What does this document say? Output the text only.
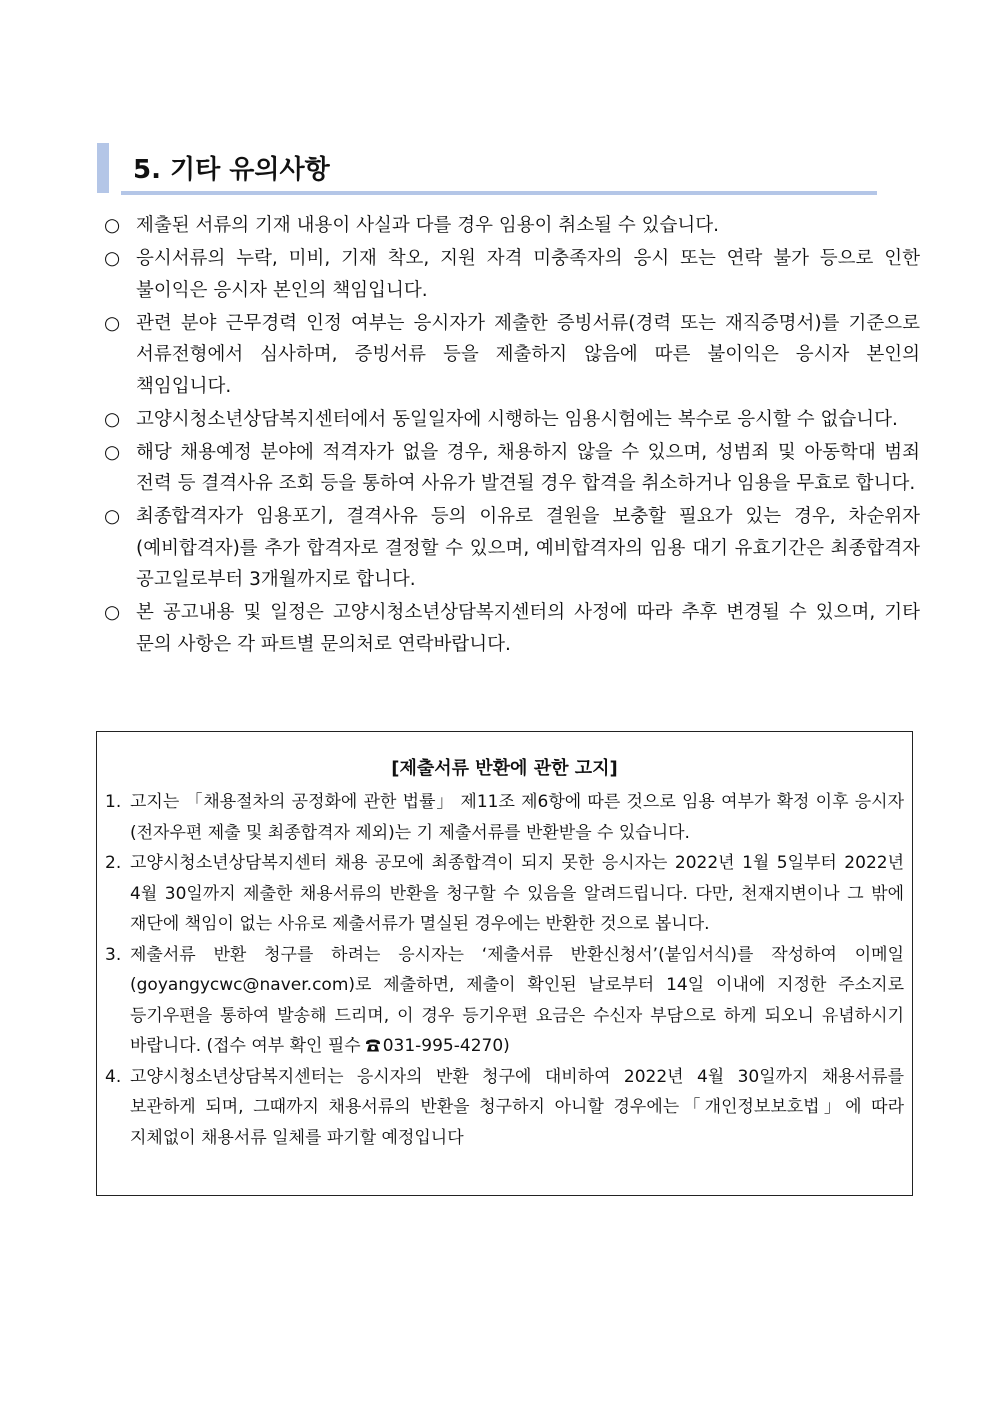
5. 기타 유의사항
○ 제출된 서류의 기재 내용이 사실과 다를 경우 임용이 취소될 수 있습니다.
○ 응시서류의 누락, 미비, 기재 착오, 지원 자격 미충족자의 응시 또는 연락 불가 등으로 인한 불이익은 응시자 본인의 책임입니다.
○ 관련 분야 근무경력 인정 여부는 응시자가 제출한 증빙서류(경력 또는 재직증명서)를 기준으로 서류전형에서 심사하며, 증빙서류 등을 제출하지 않음에 따른 불이익은 응시자 본인의 책임입니다.
○ 고양시청소년상담복지센터에서 동일일자에 시행하는 임용시험에는 복수로 응시할 수 없습니다.
○ 해당 채용예정 분야에 적격자가 없을 경우, 채용하지 않을 수 있으며, 성범죄 및 아동학대 범죄 전력 등 결격사유 조회 등을 통하여 사유가 발견될 경우 합격을 취소하거나 임용을 무효로 합니다.
○ 최종합격자가 임용포기, 결격사유 등의 이유로 결원을 보충할 필요가 있는 경우, 차순위자(예비합격자)를 추가 합격자로 결정할 수 있으며, 예비합격자의 임용 대기 유효기간은 최종합격자 공고일로부터 3개월까지로 합니다.
○ 본 공고내용 및 일정은 고양시청소년상담복지센터의 사정에 따라 추후 변경될 수 있으며, 기타 문의 사항은 각 파트별 문의처로 연락바랍니다.
[제출서류 반환에 관한 고지]
1. 고지는 「채용절차의 공정화에 관한 법률」 제11조 제6항에 따른 것으로 임용 여부가 확정 이후 응시자(전자우편 제출 및 최종합격자 제외)는 기 제출서류를 반환받을 수 있습니다.
2. 고양시청소년상담복지센터 채용 공모에 최종합격이 되지 못한 응시자는 2022년 1월 5일부터 2022년 4월 30일까지 제출한 채용서류의 반환을 청구할 수 있음을 알려드립니다. 다만, 천재지변이나 그 밖에 재단에 책임이 없는 사유로 제출서류가 멸실된 경우에는 반환한 것으로 봅니다.
3. 제출서류 반환 청구를 하려는 응시자는 ‘제출서류 반환신청서’(붙임서식)를 작성하여 이메일(goyangycwc@naver.com)로 제출하면, 제출이 확인된 날로부터 14일 이내에 지정한 주소지로 등기우편을 통하여 발송해 드리며, 이 경우 등기우편 요금은 수신자 부담으로 하게 되오니 유념하시기 바랍니다. (접수 여부 확인 필수 031-995-4270)
4. 고양시청소년상담복지센터는 응시자의 반환 청구에 대비하여 2022년 4월 30일까지 채용서류를 보관하게 되며, 그때까지 채용서류의 반환을 청구하지 아니할 경우에는「개인정보보호법」에 따라 지체없이 채용서류 일체를 파기할 예정입니다
